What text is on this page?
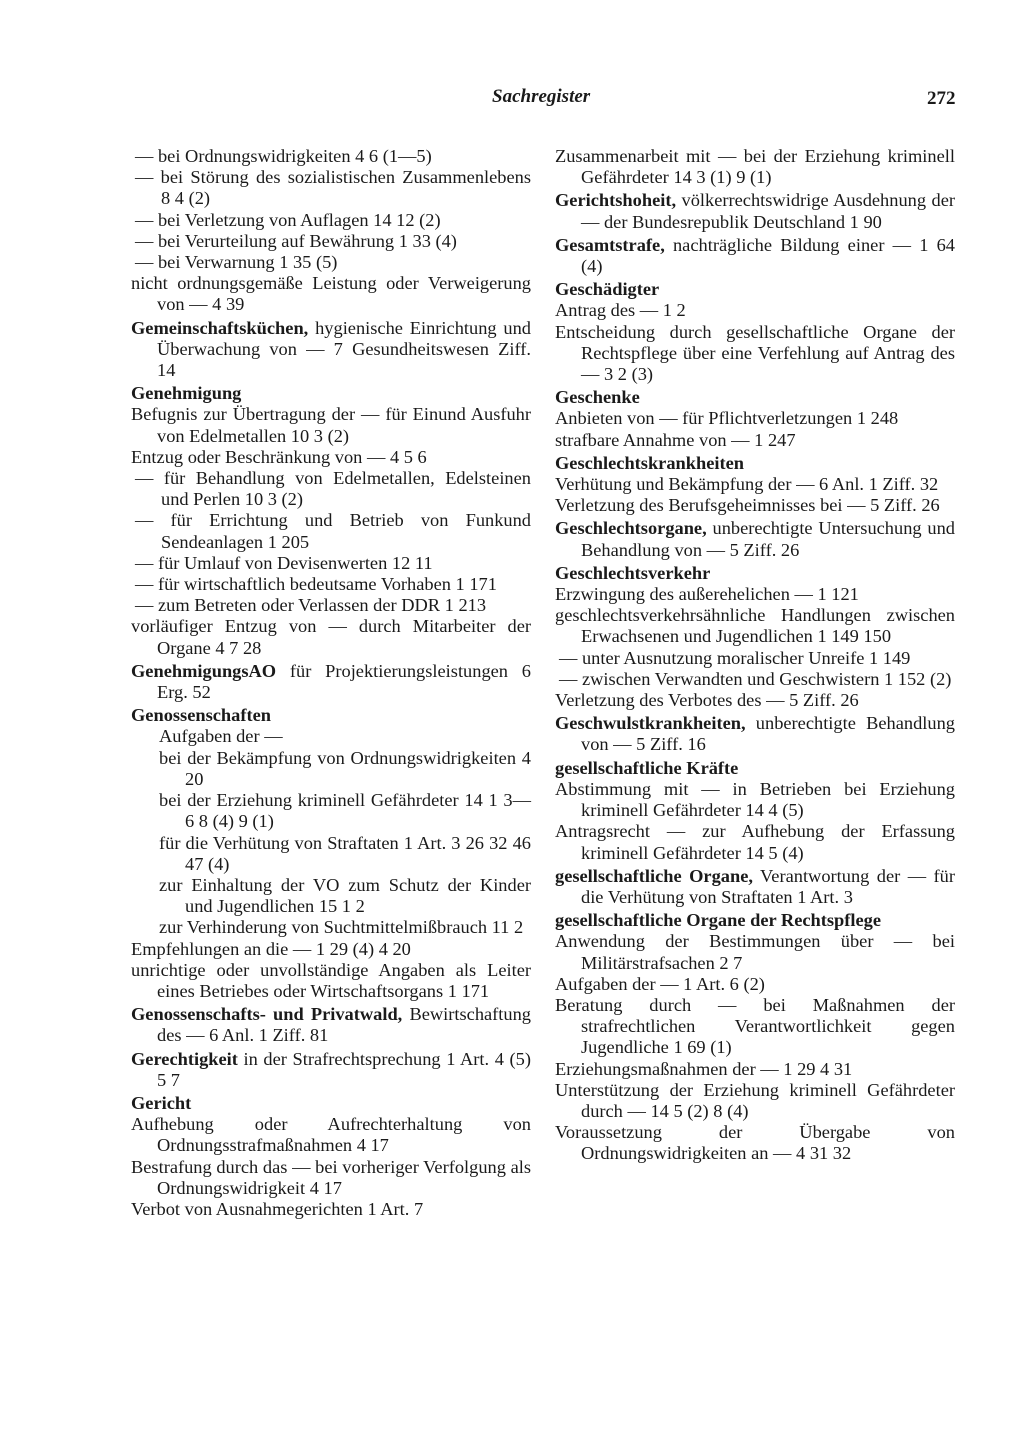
Sachregister	272
— bei Ordnungswidrigkeiten 4 6 (1—5)
— bei Störung des sozialistischen Zusammenlebens 8 4 (2)
— bei Verletzung von Auflagen 14 12 (2)
— bei Verurteilung auf Bewährung 1 33 (4)
— bei Verwarnung 1 35 (5)
nicht ordnungsgemäße Leistung oder Verweigerung von — 4 39
Gemeinschaftsküchen, hygienische Einrichtung und Überwachung von — 7 Gesundheitswesen Ziff. 14
Genehmigung
Befugnis zur Übertragung der — für Einund Ausfuhr von Edelmetallen 10 3 (2)
Entzug oder Beschränkung von — 4 5 6
— für Behandlung von Edelmetallen, Edelsteinen und Perlen 10 3 (2)
— für Errichtung und Betrieb von Funkund Sendeanlagen 1 205
— für Umlauf von Devisenwerten 12 11
— für wirtschaftlich bedeutsame Vorhaben 1 171
— zum Betreten oder Verlassen der DDR 1 213
vorläufiger Entzug von — durch Mitarbeiter der Organe 4 7 28
GenehmigungsAO für Projektierungsleistungen 6 Erg. 52
Genossenschaften
Aufgaben der —
bei der Bekämpfung von Ordnungswidrigkeiten 4 20
bei der Erziehung kriminell Gefährdeter 14 1 3—6 8 (4) 9 (1)
für die Verhütung von Straftaten 1 Art. 3 26 32 46 47 (4)
zur Einhaltung der VO zum Schutz der Kinder und Jugendlichen 15 1 2
zur Verhinderung von Suchtmittelmißbrauch 11 2
Empfehlungen an die — 1 29 (4) 4 20
unrichtige oder unvollständige Angaben als Leiter eines Betriebes oder Wirtschaftsorgans 1 171
Genossenschafts- und Privatwald, Bewirtschaftung des — 6 Anl. 1 Ziff. 81
Gerechtigkeit in der Strafrechtsprechung 1 Art. 4 (5) 5 7
Gericht
Aufhebung oder Aufrechterhaltung von Ordnungsstrafmaßnahmen 4 17
Bestrafung durch das — bei vorheriger Verfolgung als Ordnungswidrigkeit 4 17
Verbot von Ausnahmegerichten 1 Art. 7
Zusammenarbeit mit — bei der Erziehung kriminell Gefährdeter 14 3 (1) 9 (1)
Gerichtshoheit, völkerrechtswidrige Ausdehnung der — der Bundesrepublik Deutschland 1 90
Gesamtstrafe, nachträgliche Bildung einer — 1 64 (4)
Geschädigter
Antrag des — 1 2
Entscheidung durch gesellschaftliche Organe der Rechtspflege über eine Verfehlung auf Antrag des — 3 2 (3)
Geschenke
Anbieten von — für Pflichtverletzungen 1 248
strafbare Annahme von — 1 247
Geschlechtskrankheiten
Verhütung und Bekämpfung der — 6 Anl. 1 Ziff. 32
Verletzung des Berufsgeheimnisses bei — 5 Ziff. 26
Geschlechtsorgane, unberechtigte Untersuchung und Behandlung von — 5 Ziff. 26
Geschlechtsverkehr
Erzwingung des außerehelichen — 1 121
geschlechtsverkehrsähnliche Handlungen zwischen Erwachsenen und Jugendlichen 1 149 150
— unter Ausnutzung moralischer Unreife 1 149
— zwischen Verwandten und Geschwistern 1 152 (2)
Verletzung des Verbotes des — 5 Ziff. 26
Geschwulstkrankheiten, unberechtigte Behandlung von — 5 Ziff. 16
gesellschaftliche Kräfte
Abstimmung mit — in Betrieben bei Erziehung kriminell Gefährdeter 14 4 (5)
Antragsrecht — zur Aufhebung der Erfassung kriminell Gefährdeter 14 5 (4)
gesellschaftliche Organe, Verantwortung der — für die Verhütung von Straftaten 1 Art. 3
gesellschaftliche Organe der Rechtspflege
Anwendung der Bestimmungen über — bei Militärstrafsachen 2 7
Aufgaben der — 1 Art. 6 (2)
Beratung durch — bei Maßnahmen der strafrechtlichen Verantwortlichkeit gegen Jugendliche 1 69 (1)
Erziehungsmaßnahmen der — 1 29 4 31
Unterstützung der Erziehung kriminell Gefährdeter durch — 14 5 (2) 8 (4)
Voraussetzung der Übergabe von Ordnungswidrigkeiten an — 4 31 32
